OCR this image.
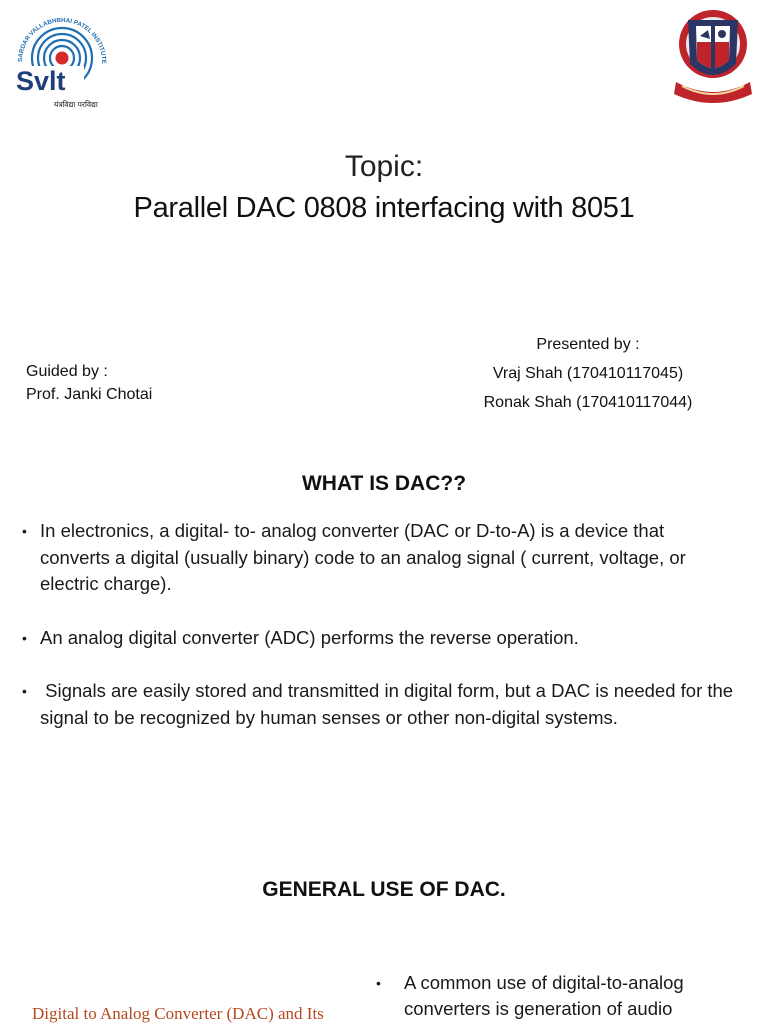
SARDAR VALLABHBHAI PATEL INSTITUTE
Svlt
यंत्रविद्या परविद्या
Topic:
Parallel DAC 0808 interfacing with 8051
Guided by :
Prof. Janki Chotai
Presented by :
Vraj Shah (170410117045)
Ronak Shah (170410117044)
WHAT IS DAC??
• In electronics, a digital- to- analog converter (DAC or D-to-A) is a device that converts a digital (usually binary) code to an analog signal ( current, voltage, or electric charge).
• An analog digital converter (ADC) performs the reverse operation.
• Signals are easily stored and transmitted in digital form, but a DAC is needed for the signal to be recognized by human senses or other non-digital systems.
GENERAL USE OF DAC.
Digital to Analog Converter (DAC) and Its
• A common use of digital-to-analog converters is generation of audio
